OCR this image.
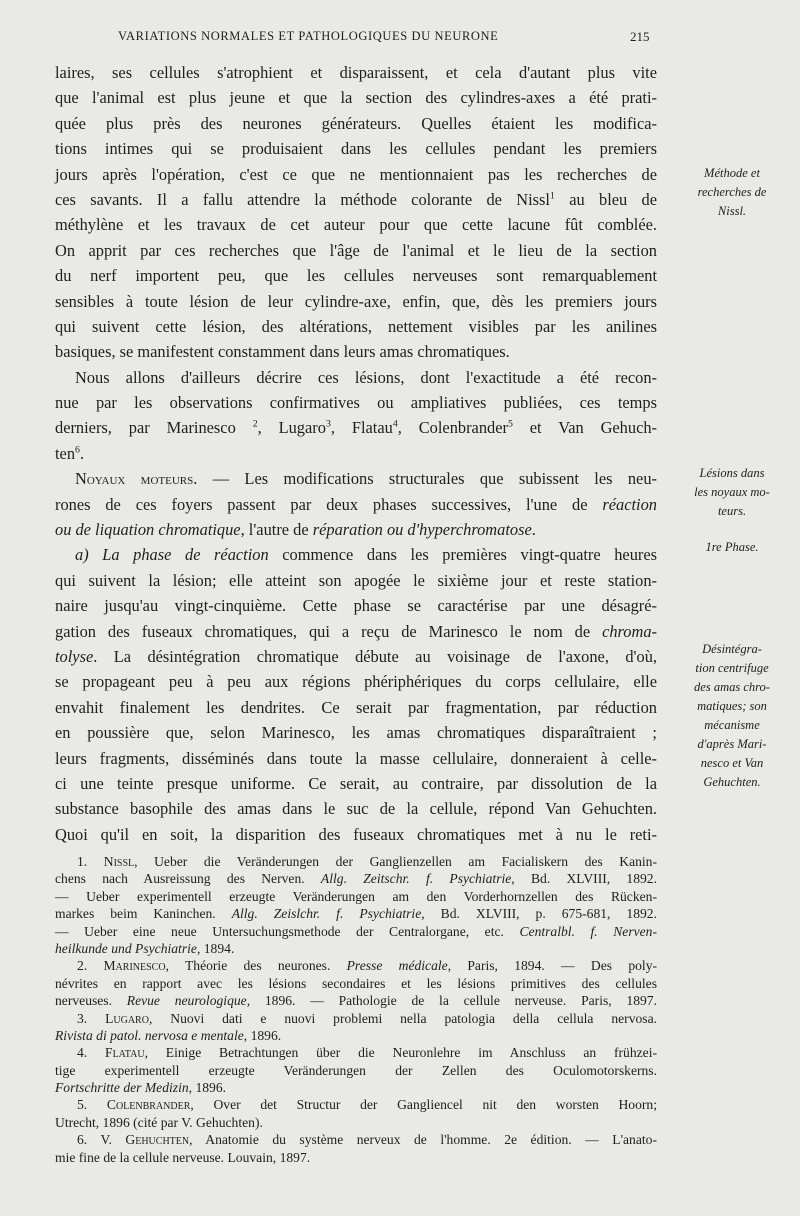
VARIATIONS NORMALES ET PATHOLOGIQUES DU NEURONE	215
laires, ses cellules s'atrophient et disparaissent, et cela d'autant plus vite
que l'animal est plus jeune et que la section des cylindres-axes a été prati-
quée plus près des neurones générateurs. Quelles étaient les modifica-
tions intimes qui se produisaient dans les cellules pendant les premiers
jours après l'opération, c'est ce que ne mentionnaient pas les recherches de
ces savants. Il a fallu attendre la méthode colorante de Nissl$^1$ au bleu de
méthylène et les travaux de cet auteur pour que cette lacune fût comblée.
On apprit par ces recherches que l'âge de l'animal et le lieu de la section
du nerf importent peu, que les cellules nerveuses sont remarquablement
sensibles à toute lésion de leur cylindre-axe, enfin, que, dès les premiers jours
qui suivent cette lésion, des altérations, nettement visibles par les anilines
basiques, se manifestent constamment dans leurs amas chromatiques.
Nous allons d'ailleurs décrire ces lésions, dont l'exactitude a été recon-
nue par les observations confirmatives ou ampliatives publiées, ces temps
derniers, par Marinesco $^2$, Lugaro$^3$, Flatau$^4$, Colenbrander$^5$ et Van Gehuch-
ten$^6$.
Noyaux moteurs. — Les modifications structurales que subissent les neu-
rones de ces foyers passent par deux phases successives, l'une de réaction
ou de liquation chromatique, l'autre de réparation ou d'hyperchromatose.
a) La phase de réaction commence dans les premières vingt-quatre heures
qui suivent la lésion; elle atteint son apogée le sixième jour et reste station-
naire jusqu'au vingt-cinquième. Cette phase se caractérise par une désagré-
gation des fuseaux chromatiques, qui a reçu de Marinesco le nom de chroma-
tolyse. La désintégration chromatique débute au voisinage de l'axone, d'où,
se propageant peu à peu aux régions phériphériques du corps cellulaire, elle
envahit finalement les dendrites. Ce serait par fragmentation, par réduction
en poussière que, selon Marinesco, les amas chromatiques disparaîtraient ;
leurs fragments, disséminés dans toute la masse cellulaire, donneraient à celle-
ci une teinte presque uniforme. Ce serait, au contraire, par dissolution de la
substance basophile des amas dans le suc de la cellule, répond Van Gehuchten.
Quoi qu'il en soit, la disparition des fuseaux chromatiques met à nu le reti-
Méthode et
recherches de
Nissl.
Lésions dans
les noyaux mo-
teurs.
1re Phase.
Désintégra-
tion centrifuge
des amas chro-
matiques; son
mécanisme
d'après Mari-
nesco et Van
Gehuchten.
1. Nissl, Ueber die Veränderungen der Ganglienzellen am Facialiskern des Kanin-
chens nach Ausreissung des Nerven. Allg. Zeitschr. f. Psychiatrie, Bd. XLVIII, 1892.
— Ueber experimentell erzeugte Veränderungen am den Vorderhornzellen des Rücken-
markes beim Kaninchen. Allg. Zeislchr. f. Psychiatrie, Bd. XLVIII, p. 675-681, 1892.
— Ueber eine neue Untersuchungsmethode der Centralorgane, etc. Centralbl. f. Nerven-
heilkunde und Psychiatrie, 1894.
2. Marinesco, Théorie des neurones. Presse médicale, Paris, 1894. — Des poly-
névrites en rapport avec les lésions secondaires et les lésions primitives des cellules
nerveuses. Revue neurologique, 1896. — Pathologie de la cellule nerveuse. Paris, 1897.
3. Lugaro, Nuovi dati e nuovi problemi nella patologia della cellula nervosa.
Rivista di patol. nervosa e mentale, 1896.
4. Flatau, Einige Betrachtungen über die Neuronlehre im Anschluss an frühzei-
tige experimentell erzeugte Veränderungen der Zellen des Oculomotorskerns.
Fortschritte der Medizin, 1896.
5. Colenbrander, Over det Structur der Gangliencel nit den worsten Hoorn;
Utrecht, 1896 (cité par V. Gehuchten).
6. V. Gehuchten, Anatomie du système nerveux de l'homme. 2e édition. — L'anato-
mie fine de la cellule nerveuse. Louvain, 1897.
